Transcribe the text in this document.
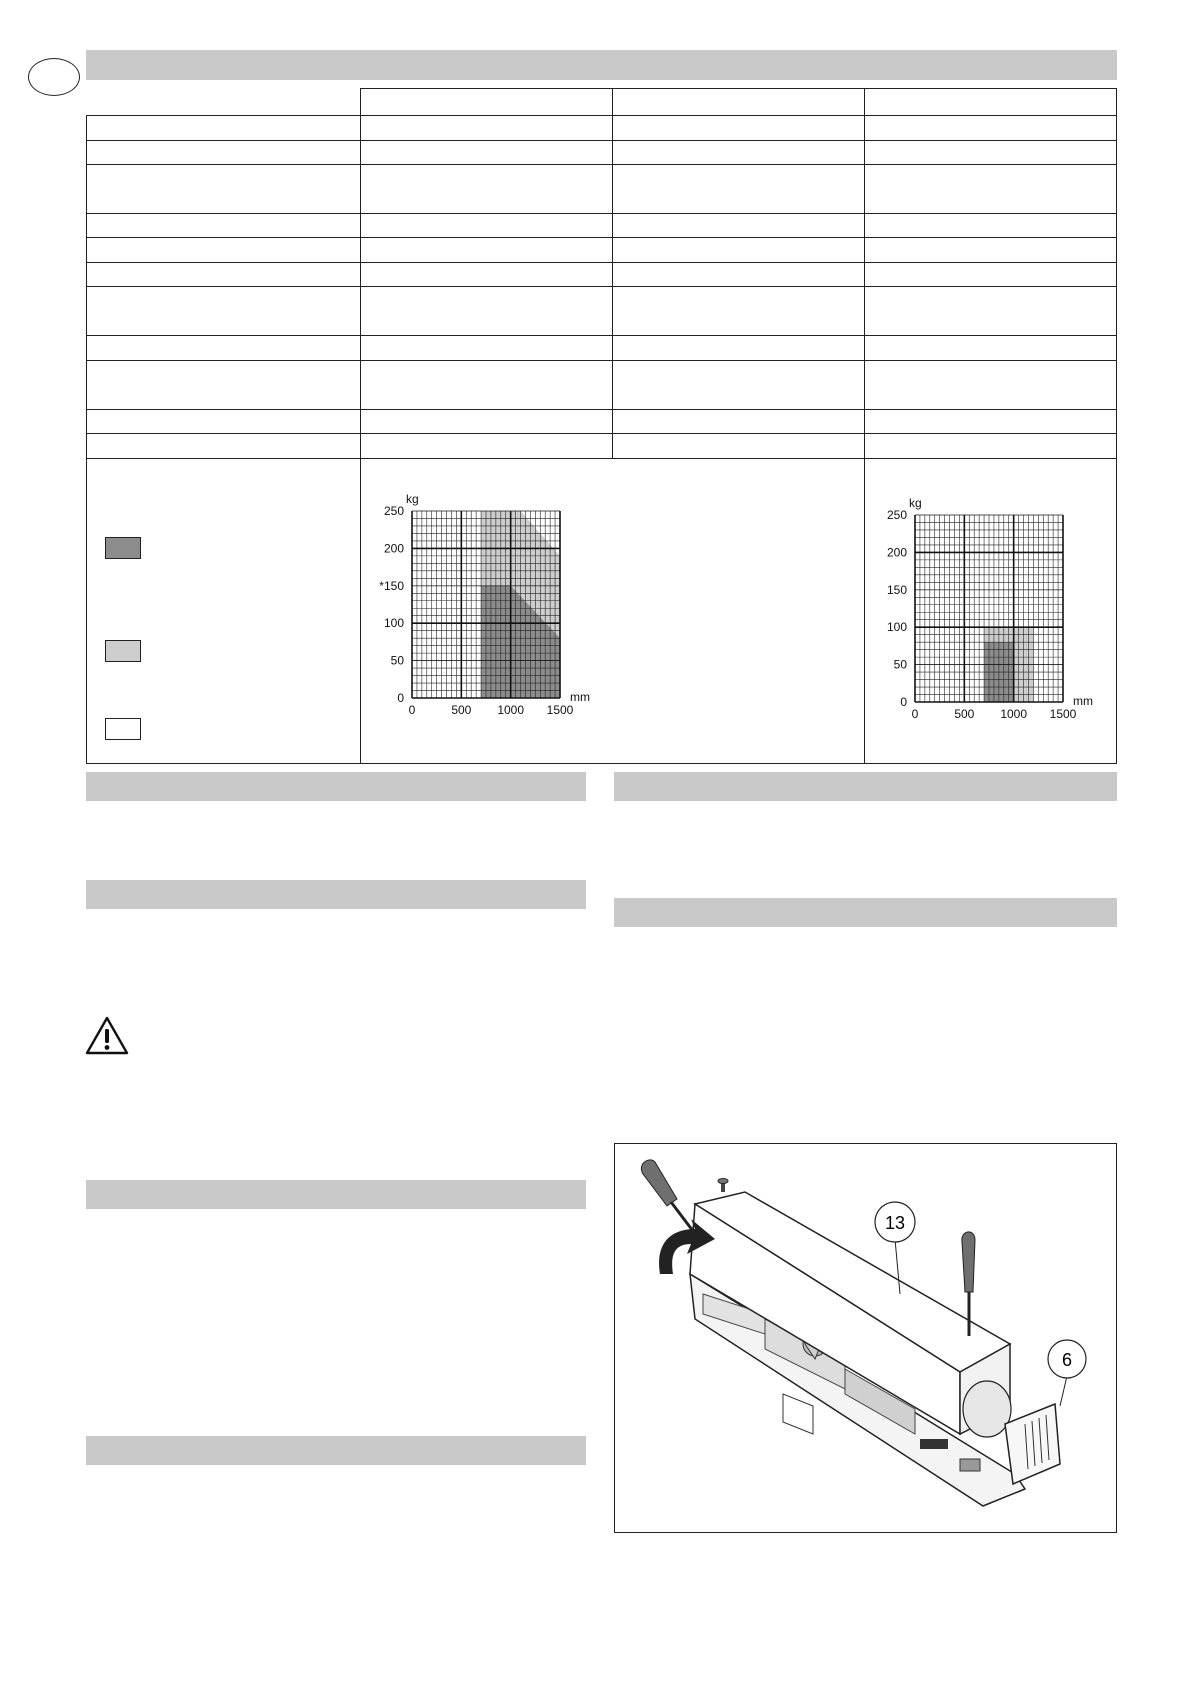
0	500 1000 1500
0
50
100
*150
200
250
mm
kg
0	500 1000 1500
0
50
100
150
200
250
mm
kg
13
6
